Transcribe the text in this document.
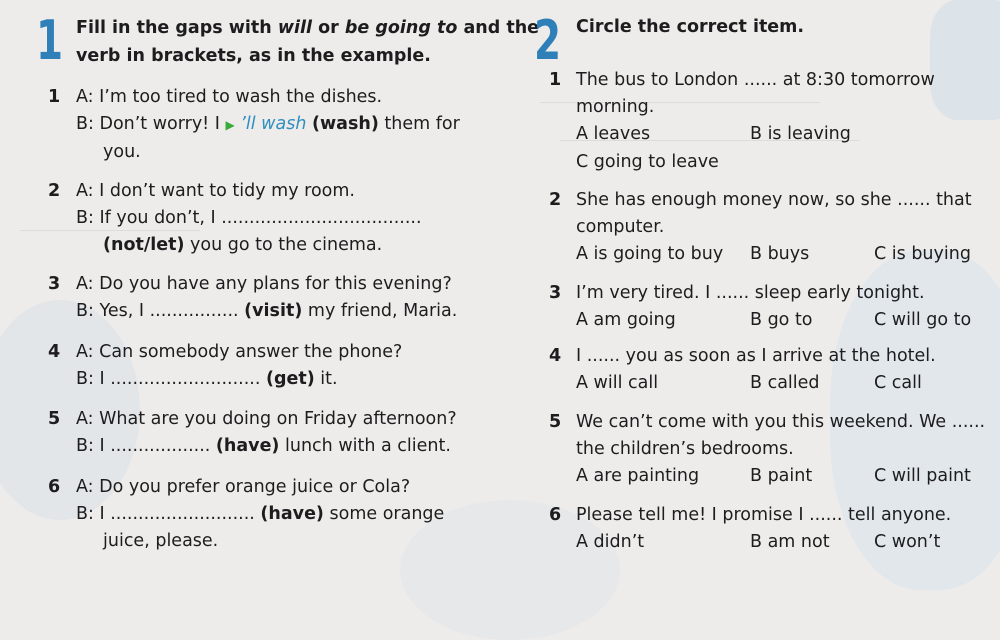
1 Fill in the gaps with will or be going to and the
verb in brackets, as in the example.
1 A: I’m too tired to wash the dishes.
B: Don’t worry! I ▶ ’ll wash (wash) them for
you.
2 A: I don’t want to tidy my room.
B: If you don’t, I ....................................
(not/let) you go to the cinema.
3 A: Do you have any plans for this evening?
B: Yes, I ................ (visit) my friend, Maria.
4 A: Can somebody answer the phone?
B: I ........................... (get) it.
5 A: What are you doing on Friday afternoon?
B: I .................. (have) lunch with a client.
6 A: Do you prefer orange juice or Cola?
B: I .......................... (have) some orange
juice, please.
2 Circle the correct item.
1 The bus to London ...... at 8:30 tomorrow
morning.
A leaves	B is leaving
C going to leave
2 She has enough money now, so she ...... that
computer.
A is going to buy B buys	C is buying
3 I’m very tired. I ...... sleep early tonight.
A am going	B go to	C will go to
4 I ...... you as soon as I arrive at the hotel.
A will call	B called	C call
5 We can’t come with you this weekend. We ......
the children’s bedrooms.
A are painting	B paint	C will paint
6 Please tell me! I promise I ...... tell anyone.
A didn’t	B am not	C won’t
